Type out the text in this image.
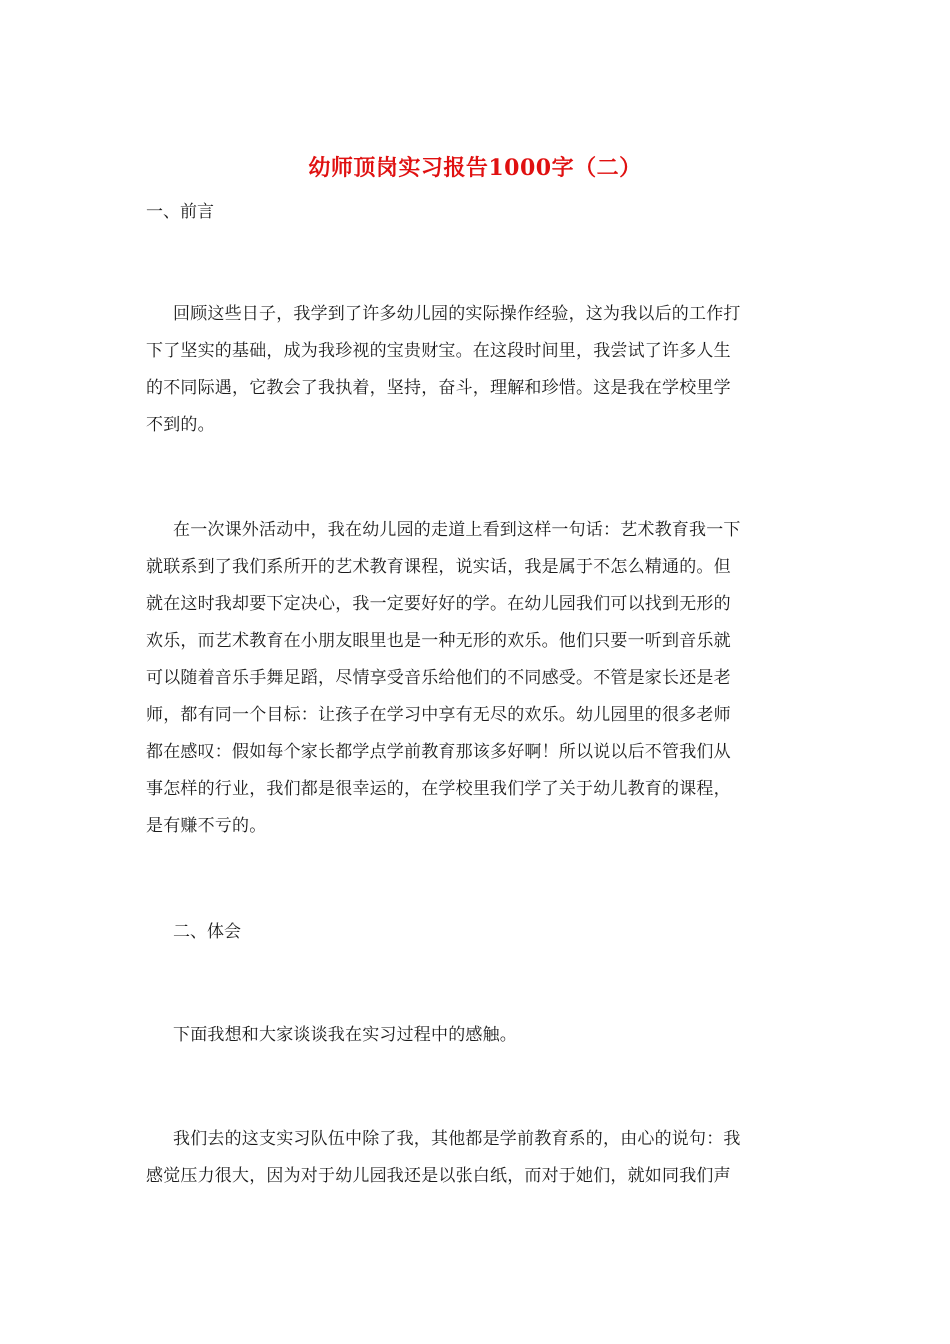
幼师顶岗实习报告1000字（二）
一、前言
回顾这些日子，我学到了许多幼儿园的实际操作经验，这为我以后的工作打
下了坚实的基础，成为我珍视的宝贵财宝。在这段时间里，我尝试了许多人生
的不同际遇，它教会了我执着，坚持，奋斗，理解和珍惜。这是我在学校里学
不到的。
在一次课外活动中，我在幼儿园的走道上看到这样一句话：艺术教育我一下
就联系到了我们系所开的艺术教育课程，说实话，我是属于不怎么精通的。但
就在这时我却要下定决心，我一定要好好的学。在幼儿园我们可以找到无形的
欢乐，而艺术教育在小朋友眼里也是一种无形的欢乐。他们只要一听到音乐就
可以随着音乐手舞足蹈，尽情享受音乐给他们的不同感受。不管是家长还是老
师，都有同一个目标：让孩子在学习中享有无尽的欢乐。幼儿园里的很多老师
都在感叹：假如每个家长都学点学前教育那该多好啊！所以说以后不管我们从
事怎样的行业，我们都是很幸运的，在学校里我们学了关于幼儿教育的课程，
是有赚不亏的。
二、体会
下面我想和大家谈谈我在实习过程中的感触。
我们去的这支实习队伍中除了我，其他都是学前教育系的，由心的说句：我
感觉压力很大，因为对于幼儿园我还是以张白纸，而对于她们，就如同我们声
